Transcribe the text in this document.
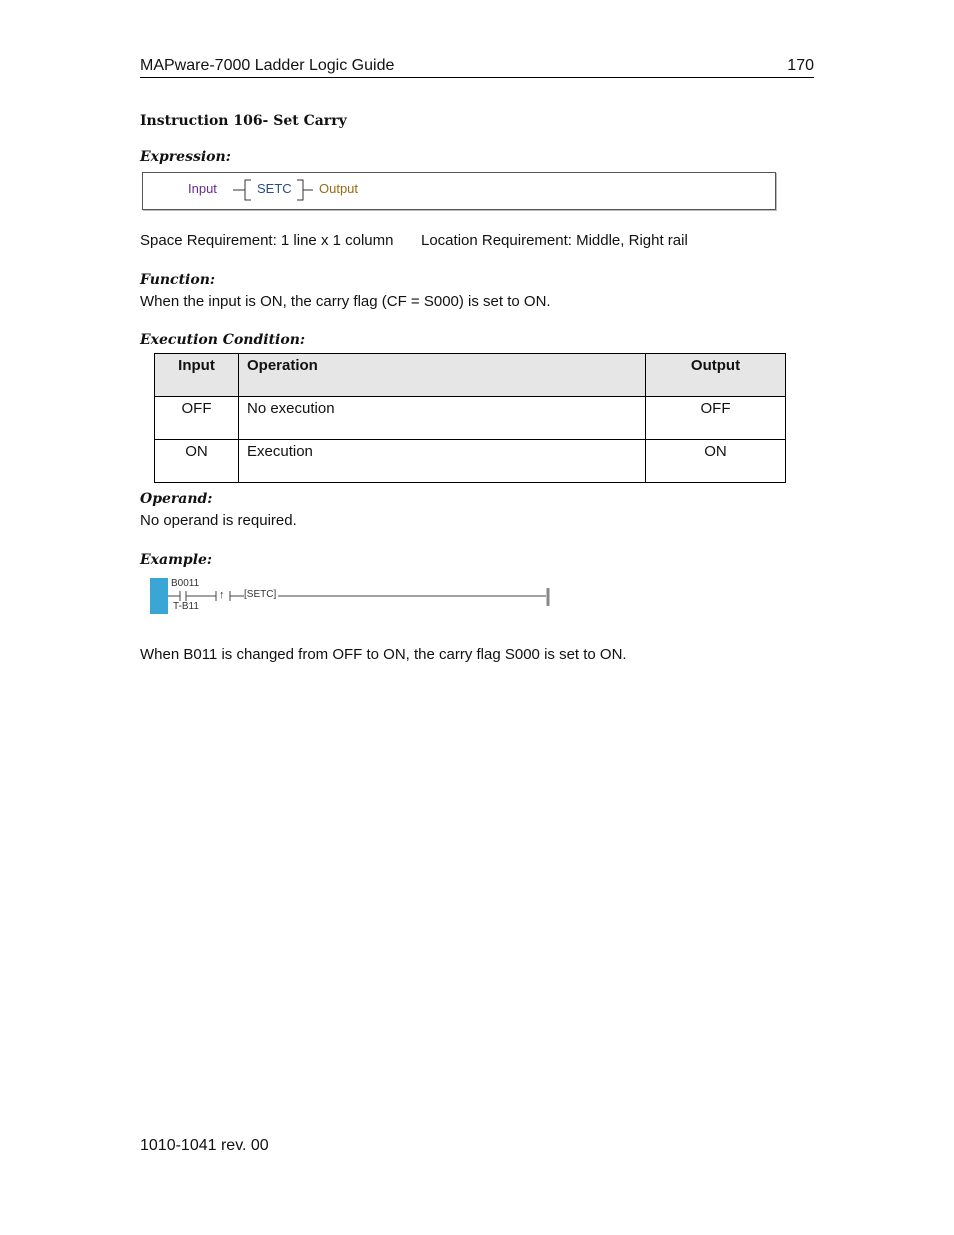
MAPware-7000 Ladder Logic Guide	170
Instruction 106- Set Carry
Expression:
Input	SETC Output
Space Requirement: 1 line x 1 column Location Requirement: Middle, Right rail
Function:
When the input is ON, the carry flag (CF = S000) is set to ON.
Execution Condition:
Input	Operation	Output
OFF	No execution	OFF
ON	Execution	ON
Operand:
No operand is required.
Example:
B0011
T-B11
↑ [SETC]
When B011 is changed from OFF to ON, the carry flag S000 is set to ON.
1010-1041 rev. 00
